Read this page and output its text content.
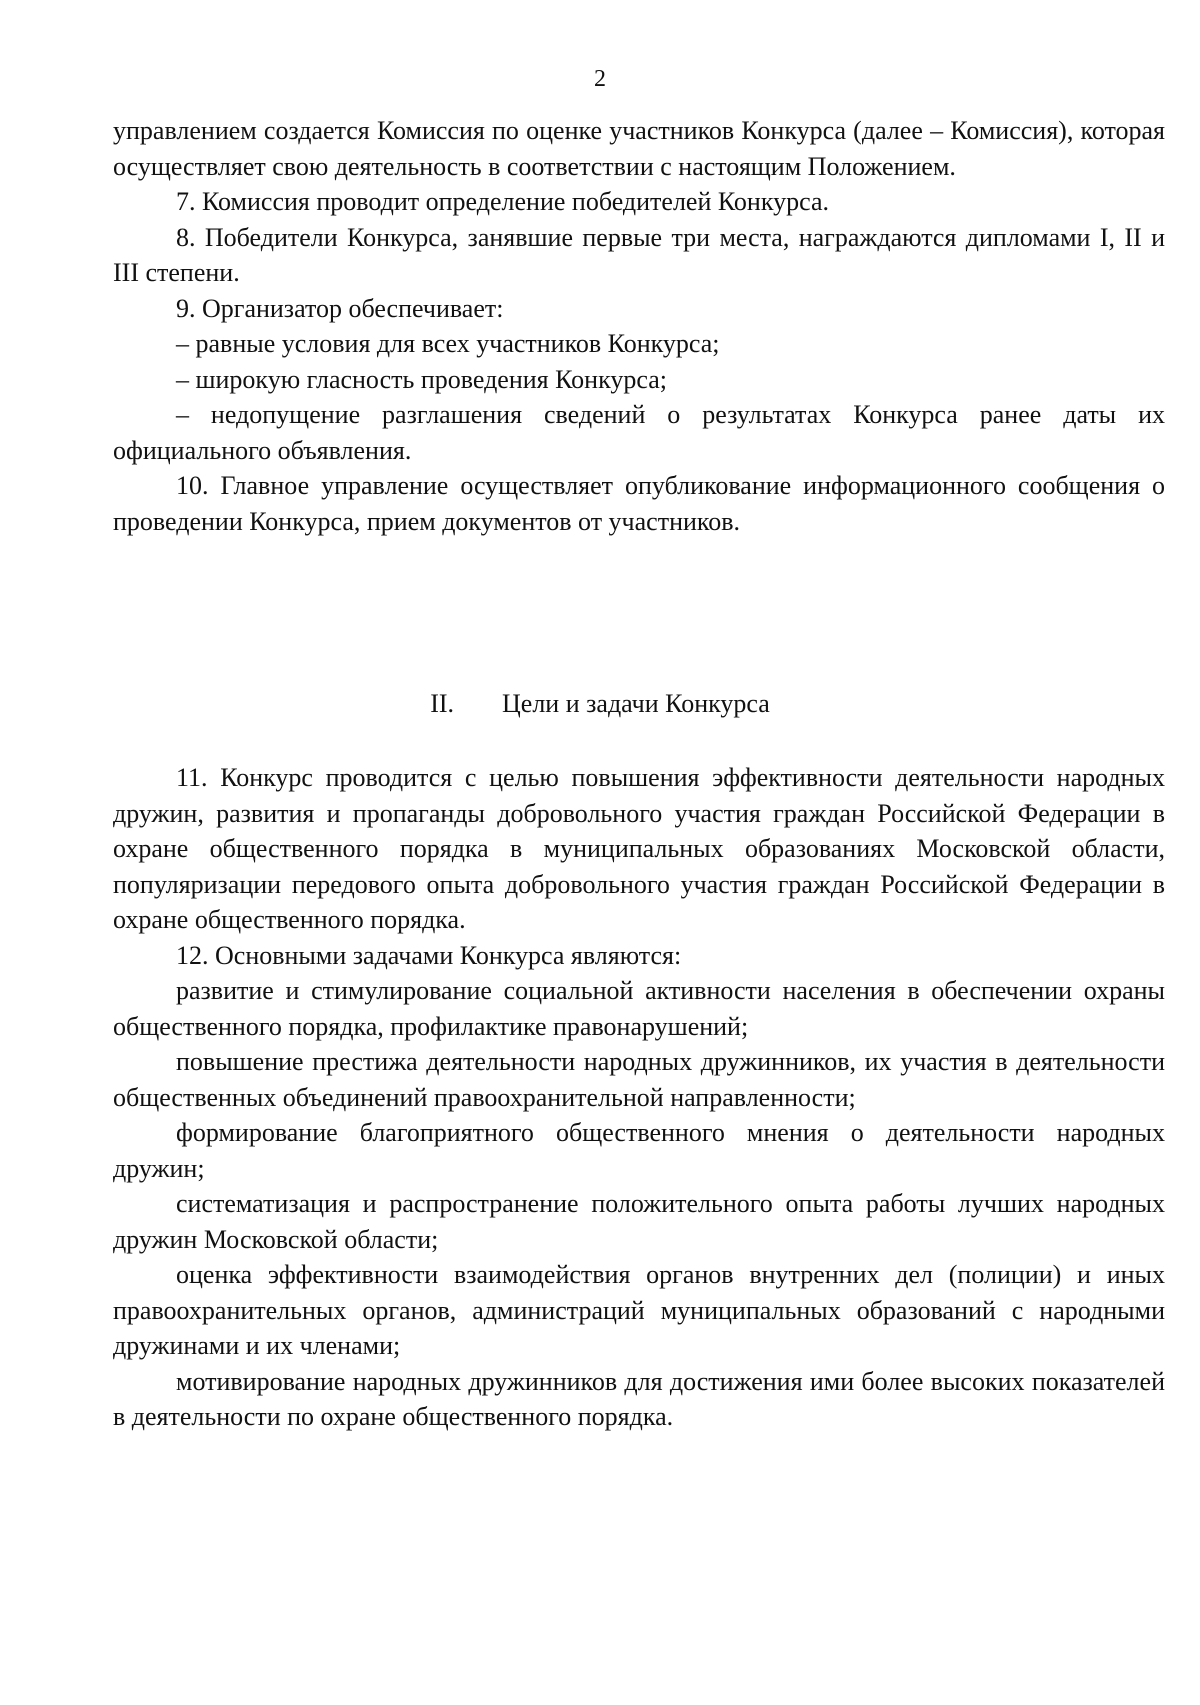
2

управлением создается Комиссия по оценке участников Конкурса (далее – Комиссия), которая осуществляет свою деятельность в соответствии с настоящим Положением.

7. Комиссия проводит определение победителей Конкурса.

8. Победители Конкурса, занявшие первые три места, награждаются дипломами I, II и III степени.

9. Организатор обеспечивает:

– равные условия для всех участников Конкурса;

– широкую гласность проведения Конкурса;

– недопущение разглашения сведений о результатах Конкурса ранее даты их официального объявления.

10. Главное управление осуществляет опубликование информационного сообщения о проведении Конкурса, прием документов от участников.

II. Цели и задачи Конкурса

11. Конкурс проводится с целью повышения эффективности деятельности народных дружин, развития и пропаганды добровольного участия граждан Российской Федерации в охране общественного порядка в муниципальных образованиях Московской области, популяризации передового опыта добровольного участия граждан Российской Федерации в охране общественного порядка.

12. Основными задачами Конкурса являются:

развитие и стимулирование социальной активности населения в обеспечении охраны общественного порядка, профилактике правонарушений;

повышение престижа деятельности народных дружинников, их участия в деятельности общественных объединений правоохранительной направленности;

формирование благоприятного общественного мнения о деятельности народных дружин;

систематизация и распространение положительного опыта работы лучших народных дружин Московской области;

оценка эффективности взаимодействия органов внутренних дел (полиции) и иных правоохранительных органов, администраций муниципальных образований с народными дружинами и их членами;

мотивирование народных дружинников для достижения ими более высоких показателей в деятельности по охране общественного порядка.
